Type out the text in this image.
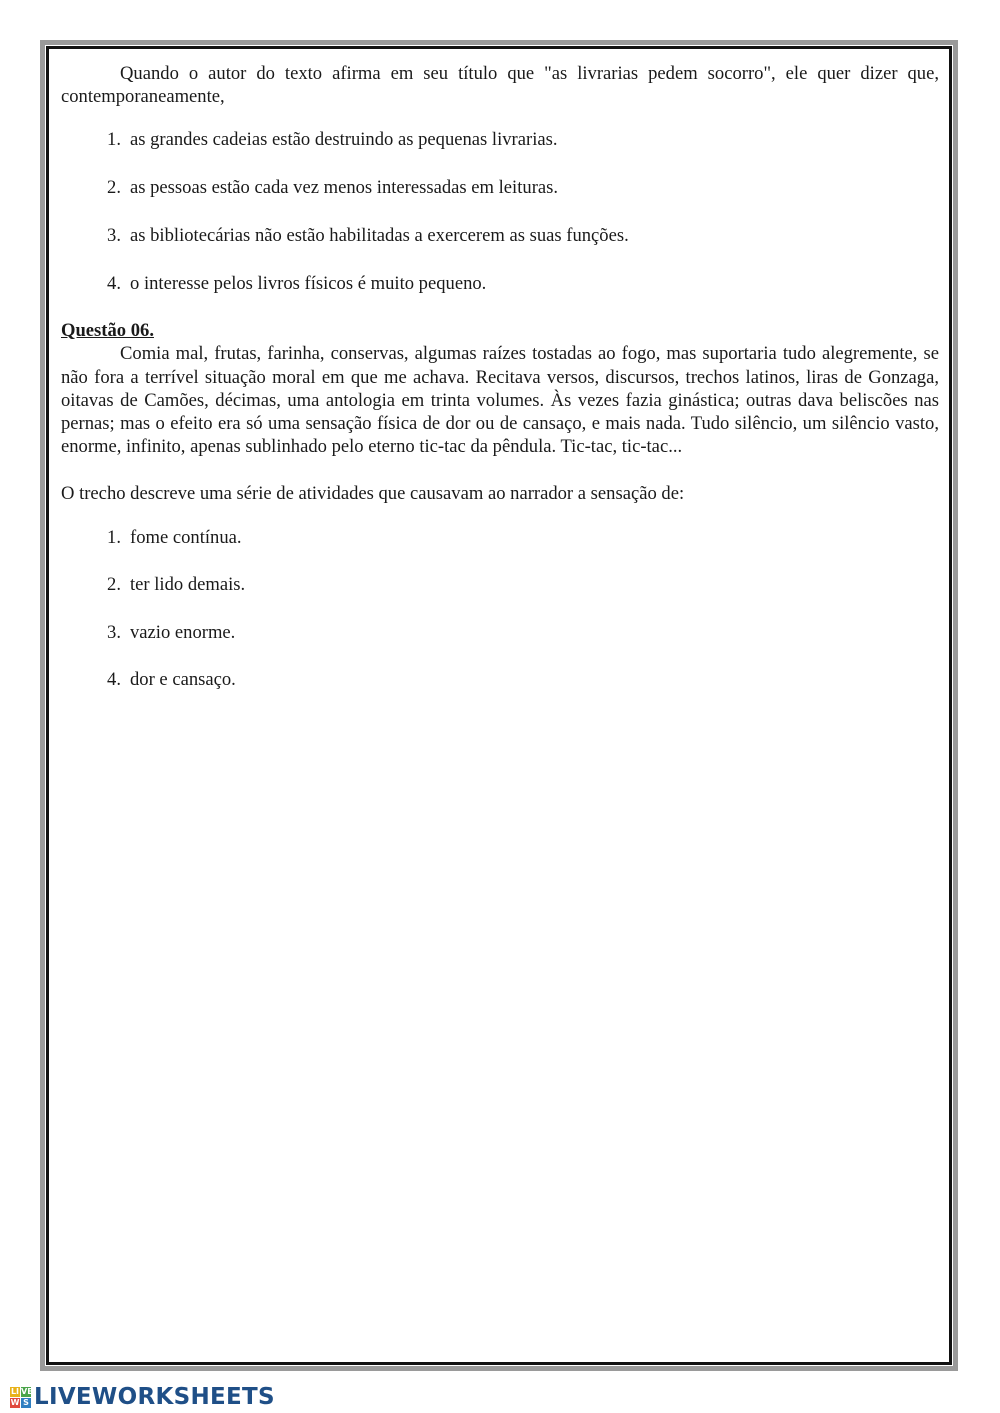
Quando o autor do texto afirma em seu título que "as livrarias pedem socorro", ele quer dizer que, contemporaneamente,

1. as grandes cadeias estão destruindo as pequenas livrarias.
2. as pessoas estão cada vez menos interessadas em leituras.
3. as bibliotecárias não estão habilitadas a exercerem as suas funções.
4. o interesse pelos livros físicos é muito pequeno.

Questão 06.

Comia mal, frutas, farinha, conservas, algumas raízes tostadas ao fogo, mas suportaria tudo alegremente, se não fora a terrível situação moral em que me achava. Recitava versos, discursos, trechos latinos, liras de Gonzaga, oitavas de Camões, décimas, uma antologia em trinta volumes. Às vezes fazia ginástica; outras dava beliscões nas pernas; mas o efeito era só uma sensação física de dor ou de cansaço, e mais nada. Tudo silêncio, um silêncio vasto, enorme, infinito, apenas sublinhado pelo eterno tic-tac da pêndula. Tic-tac, tic-tac...

O trecho descreve uma série de atividades que causavam ao narrador a sensação de:

1. fome contínua.
2. ter lido demais.
3. vazio enorme.
4. dor e cansaço.
LI VE
W S LIVEWORKSHEETS
